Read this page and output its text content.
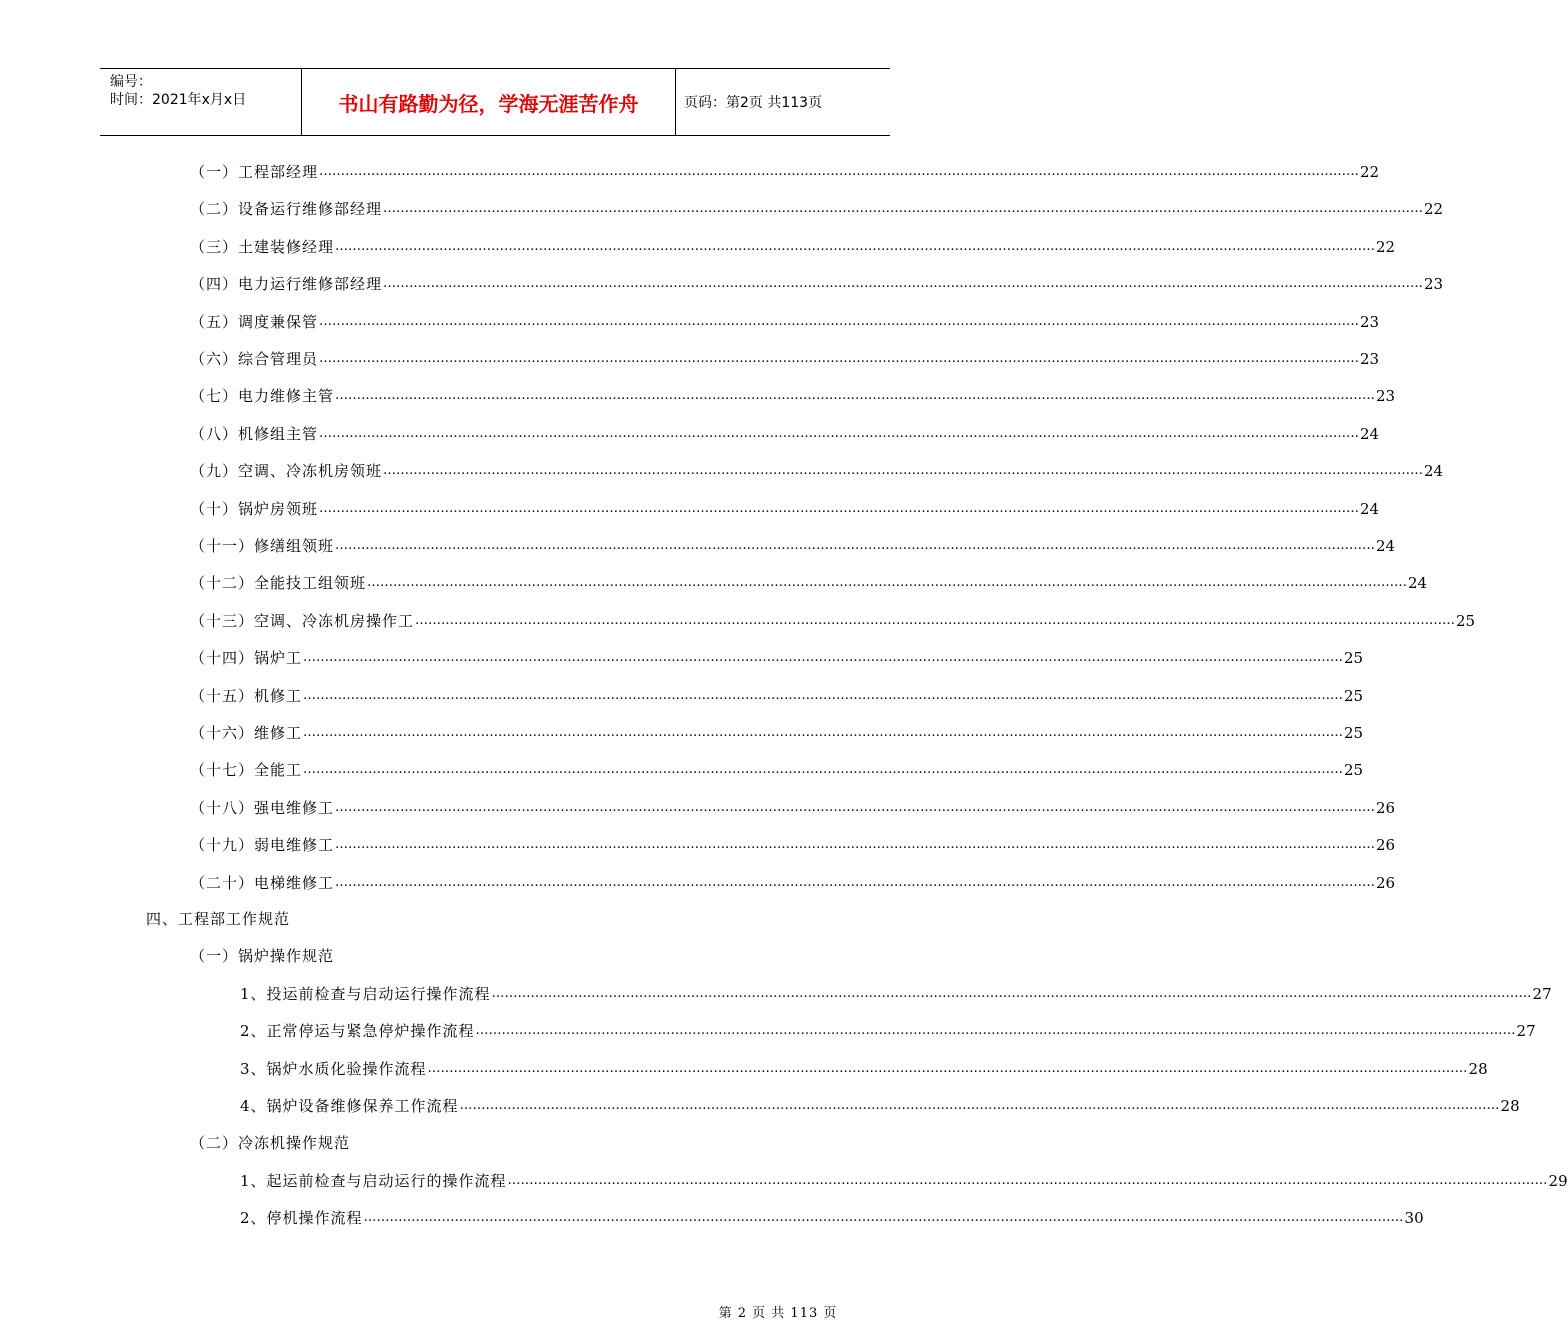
编号：
时间：2021年x月x日	书山有路勤为径，学海无涯苦作舟	页码：第2页 共113页
四、工程部工作规范
（一）锅炉操作规范
（二）冷冻机操作规范
（一）工程部经理 …………………………………………………………………………………………………………………………………………………………………………………………………………………… 22
（二）设备运行维修部经理 …………………………………………………………………………………………………………………………………………………………………………………………………………………… 22
（三）土建装修经理 …………………………………………………………………………………………………………………………………………………………………………………………………………………… 22
（四）电力运行维修部经理 …………………………………………………………………………………………………………………………………………………………………………………………………………………… 23
（五）调度兼保管 …………………………………………………………………………………………………………………………………………………………………………………………………………………… 23
（六）综合管理员 …………………………………………………………………………………………………………………………………………………………………………………………………………………… 23
（七）电力维修主管 …………………………………………………………………………………………………………………………………………………………………………………………………………………… 23
（八）机修组主管 …………………………………………………………………………………………………………………………………………………………………………………………………………………… 24
（九）空调、冷冻机房领班 …………………………………………………………………………………………………………………………………………………………………………………………………………………… 24
（十）锅炉房领班 …………………………………………………………………………………………………………………………………………………………………………………………………………………… 24
（十一）修缮组领班 …………………………………………………………………………………………………………………………………………………………………………………………………………………… 24
（十二）全能技工组领班 …………………………………………………………………………………………………………………………………………………………………………………………………………………… 24
（十三）空调、冷冻机房操作工 …………………………………………………………………………………………………………………………………………………………………………………………………………………… 25
（十四）锅炉工 …………………………………………………………………………………………………………………………………………………………………………………………………………………… 25
（十五）机修工 …………………………………………………………………………………………………………………………………………………………………………………………………………………… 25
（十六）维修工 …………………………………………………………………………………………………………………………………………………………………………………………………………………… 25
（十七）全能工 …………………………………………………………………………………………………………………………………………………………………………………………………………………… 25
（十八）强电维修工 …………………………………………………………………………………………………………………………………………………………………………………………………………………… 26
（十九）弱电维修工 …………………………………………………………………………………………………………………………………………………………………………………………………………………… 26
（二十）电梯维修工 …………………………………………………………………………………………………………………………………………………………………………………………………………………… 26
1、投运前检查与启动运行操作流程 …………………………………………………………………………………………………………………………………………………………………………………………………………………… 27
2、正常停运与紧急停炉操作流程 …………………………………………………………………………………………………………………………………………………………………………………………………………………… 27
3、锅炉水质化验操作流程 …………………………………………………………………………………………………………………………………………………………………………………………………………………… 28
4、锅炉设备维修保养工作流程 …………………………………………………………………………………………………………………………………………………………………………………………………………………… 28
1、起运前检查与启动运行的操作流程 …………………………………………………………………………………………………………………………………………………………………………………………………………………… 29
2、停机操作流程 …………………………………………………………………………………………………………………………………………………………………………………………………………………… 30
第 2 页 共 113 页
